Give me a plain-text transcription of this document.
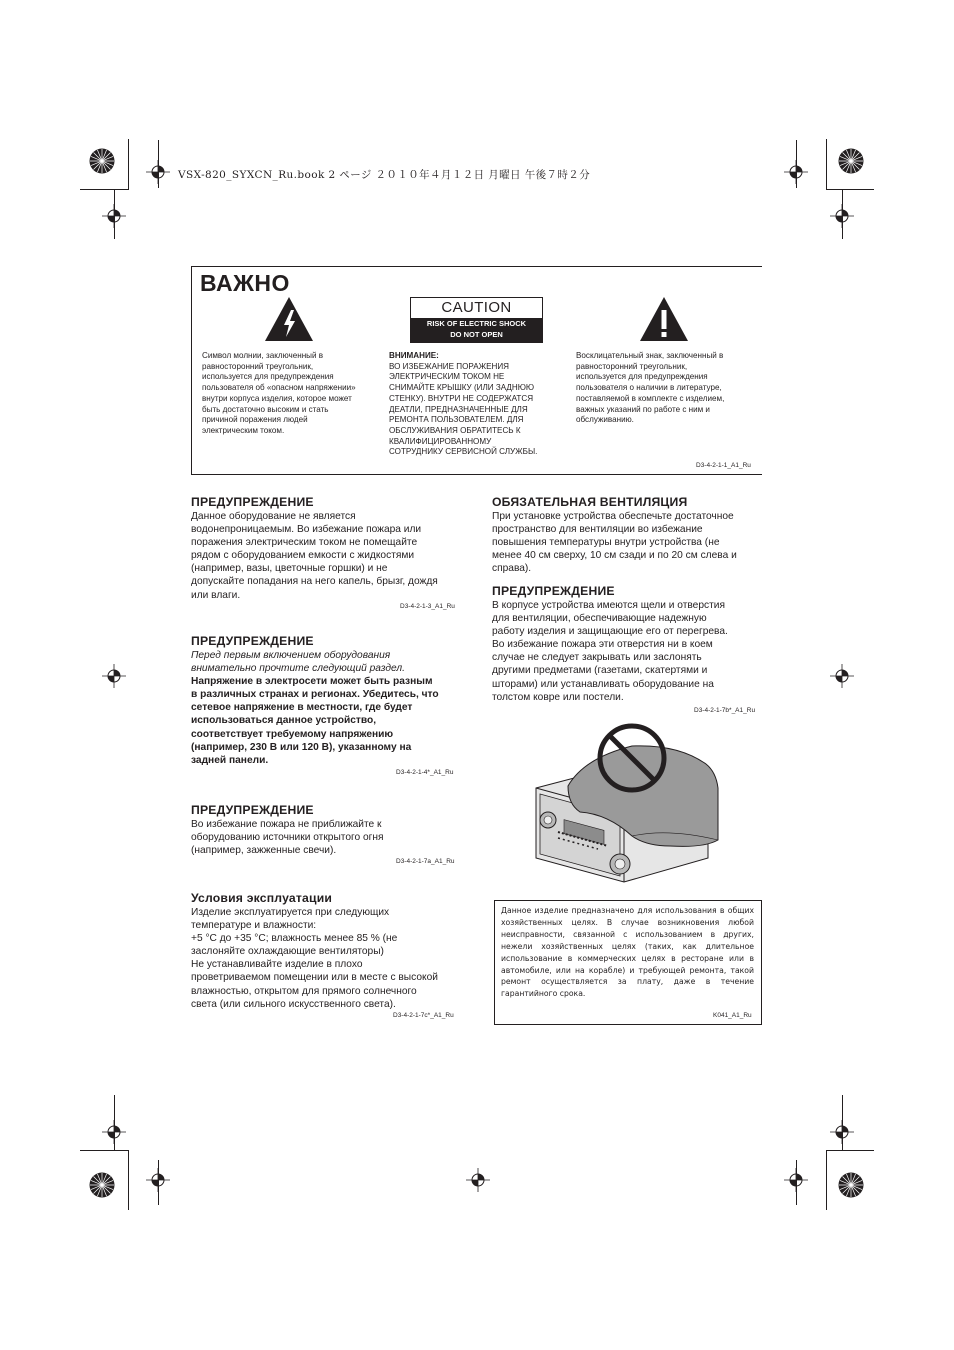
VSX-820_SYXCN_Ru.book 2 ページ ２０１０年４月１２日 月曜日 午後７時２分
ВАЖНО
CAUTION
RISK OF ELECTRIC SHOCK
DO NOT OPEN
Символ молнии, заключенный в
равносторонний треугольник,
используется для предупреждения
пользователя об «опасном напряжении»
внутри корпуса изделия, которое может
быть достаточно высоким и стать
причиной поражения людей
электрическим током.
ВНИМАНИЕ:
ВО ИЗБЕЖАНИЕ ПОРАЖЕНИЯ
ЭЛЕКТРИЧЕСКИМ ТОКОМ НЕ
СНИМАЙТЕ КРЫШКУ (ИЛИ ЗАДНЮЮ
СТЕНКУ). ВНУТРИ НЕ СОДЕРЖАТСЯ
ДЕАТЛИ, ПРЕДНАЗНАЧЕННЫЕ ДЛЯ
РЕМОНТА ПОЛЬЗОВАТЕЛЕМ. ДЛЯ
ОБСЛУЖИВАНИЯ ОБРАТИТЕСЬ К
КВАЛИФИЦИРОВАННОМУ
СОТРУДНИКУ СЕРВИСНОЙ СЛУЖБЫ.
Восклицательный знак, заключенный в
равносторонний треугольник,
используется для предупреждения
пользователя о наличии в литературе,
поставляемой в комплекте с изделием,
важных указаний по работе с ним и
обслуживанию.
D3-4-2-1-1_A1_Ru
ПРЕДУПРЕЖДЕНИЕ
Данное оборудование не является
водонепроницаемым. Во избежание пожара или
поражения электрическим током не помещайте
рядом с оборудованием емкости с жидкостями
(например, вазы, цветочные горшки) и не
допускайте попадания на него капель, брызг, дождя
или влаги.
D3-4-2-1-3_A1_Ru
ПРЕДУПРЕЖДЕНИЕ
Перед первым включением оборудования
внимательно прочтите следующий раздел.
Напряжение в электросети может быть разным
в различных странах и регионах. Убедитесь, что
сетевое напряжение в местности, где будет
использоваться данное устройство,
соответствует требуемому напряжению
(например, 230 В или 120 В), указанному на
задней панели.
D3-4-2-1-4*_A1_Ru
ПРЕДУПРЕЖДЕНИЕ
Во избежание пожара не приближайте к
оборудованию источники открытого огня
(например, зажженные свечи).
D3-4-2-1-7a_A1_Ru
Условия эксплуатации
Изделие эксплуатируется при следующих
температуре и влажности:
+5 °C до +35 °C; влажность менее 85 % (не
заслоняйте охлаждающие вентиляторы)
Не устанавливайте изделие в плохо
проветриваемом помещении или в месте с высокой
влажностью, открытом для прямого солнечного
света (или сильного искусственного света).
D3-4-2-1-7c*_A1_Ru
ОБЯЗАТЕЛЬНАЯ ВЕНТИЛЯЦИЯ
При установке устройства обеспечьте достаточное
пространство для вентиляции во избежание
повышения температуры внутри устройства (не
менее 40 см сверху, 10 см сзади и по 20 см слева и
справа).
ПРЕДУПРЕЖДЕНИЕ
В корпусе устройства имеются щели и отверстия
для вентиляции, обеспечивающие надежную
работу изделия и защищающие его от перегрева.
Во избежание пожара эти отверстия ни в коем
случае не следует закрывать или заслонять
другими предметами (газетами, скатертями и
шторами) или устанавливать оборудование на
толстом ковре или постели.
D3-4-2-1-7b*_A1_Ru
Данное изделие предназначено для использования в общих хозяйственных целях. В случае возникновения любой неисправности, связанной с использованием в других, нежели хозяйственных целях (таких, как длительное использование в коммерческих целях в ресторане или в автомобиле, или на корабле) и требующей ремонта, такой ремонт осуществляется за плату, даже в течение гарантийного срока.
K041_A1_Ru
